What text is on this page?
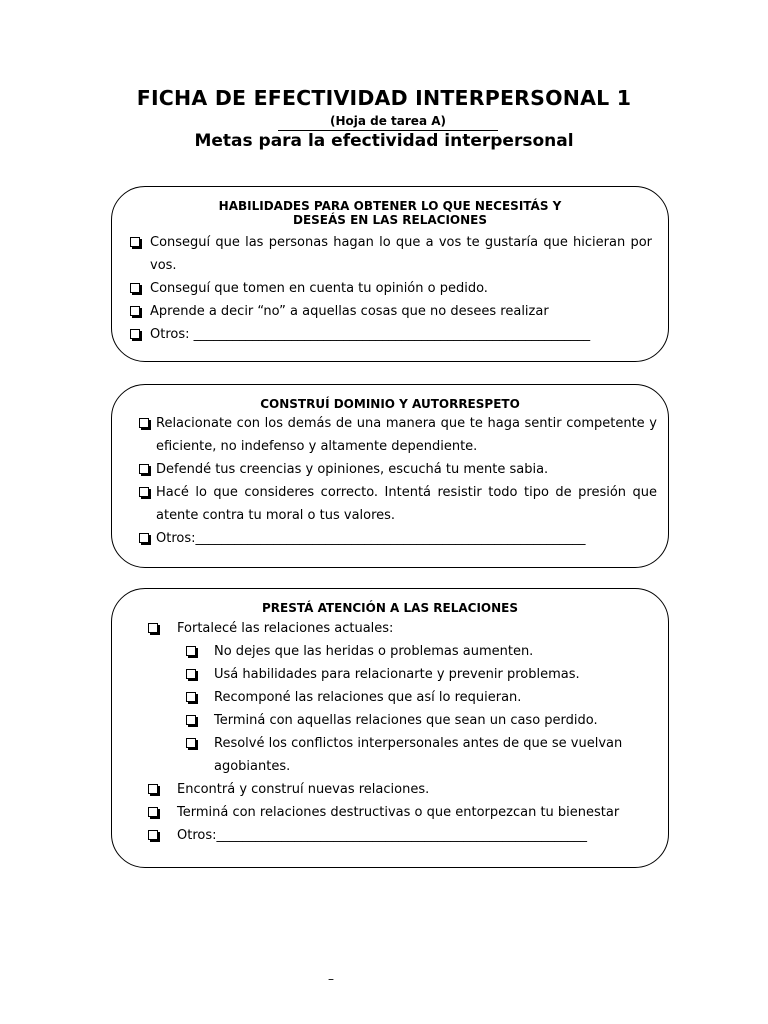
FICHA DE EFECTIVIDAD INTERPERSONAL 1
(Hoja de tarea A)
Metas para la efectividad interpersonal
HABILIDADES PARA OBTENER LO QUE NECESITÁS Y
DESEÁS EN LAS RELACIONES
Conseguí que las personas hagan lo que a vos te gustaría que hicieran por vos.
Conseguí que tomen en cuenta tu opinión o pedido.
Aprende a decir “no” a aquellas cosas que no desees realizar
Otros: _____________________________________________________________
CONSTRUÍ DOMINIO Y AUTORRESPETO
Relacionate con los demás de una manera que te haga sentir competente y eficiente, no indefenso y altamente dependiente.
Defendé tus creencias y opiniones, escuchá tu mente sabia.
Hacé lo que consideres correcto. Intentá resistir todo tipo de presión que atente contra tu moral o tus valores.
Otros:____________________________________________________________
PRESTÁ ATENCIÓN A LAS RELACIONES
Fortalecé las relaciones actuales:
No dejes que las heridas o problemas aumenten.
Usá habilidades para relacionarte y prevenir problemas.
Recomponé las relaciones que así lo requieran.
Terminá con aquellas relaciones que sean un caso perdido.
Resolvé los conflictos interpersonales antes de que se vuelvan agobiantes.
Encontrá y construí nuevas relaciones.
Terminá con relaciones destructivas o que entorpezcan tu bienestar
Otros:_________________________________________________________
–
